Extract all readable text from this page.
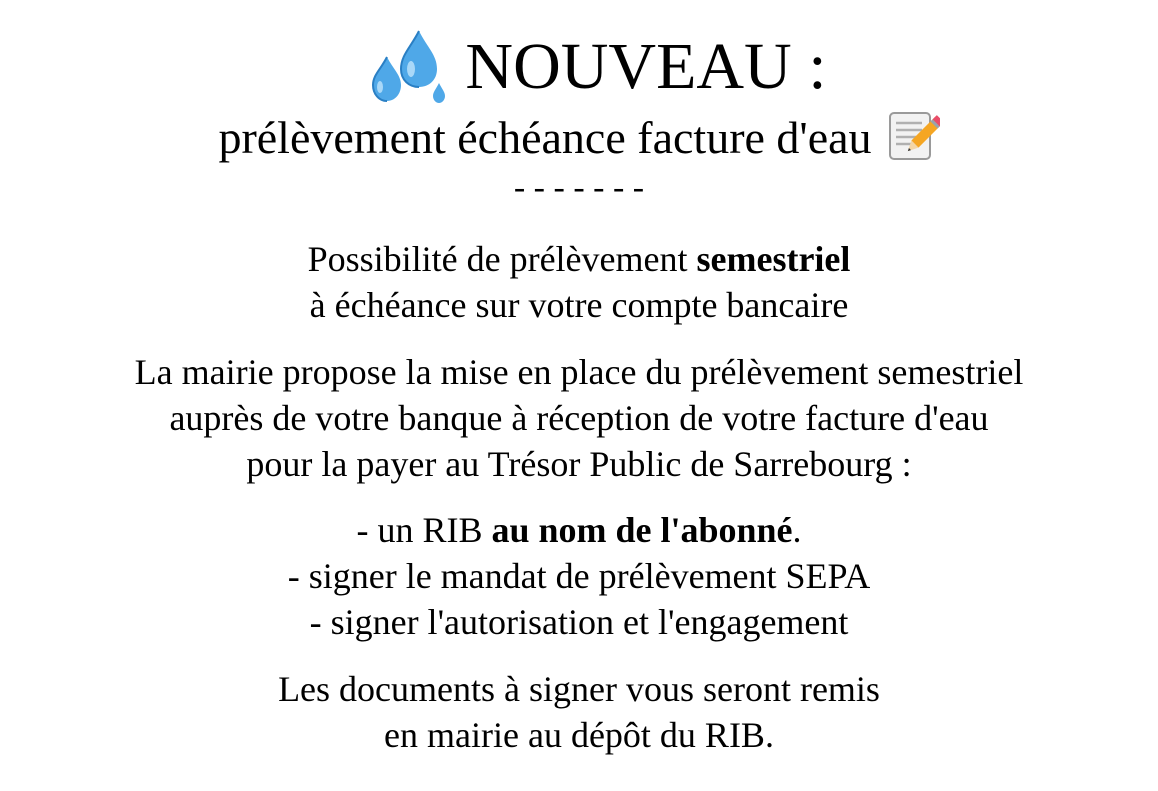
NOUVEAU :
prélèvement échéance facture d'eau
- - - - - - -

Possibilité de prélèvement semestriel

à échéance sur votre compte bancaire

La mairie propose la mise en place du prélèvement semestriel

auprès de votre banque à réception de votre facture d'eau

pour la payer au Trésor Public de Sarrebourg :

- un RIB au nom de l'abonné.

- signer le mandat de prélèvement SEPA

- signer l'autorisation et l'engagement

Les documents à signer vous seront remis

en mairie au dépôt du RIB.
